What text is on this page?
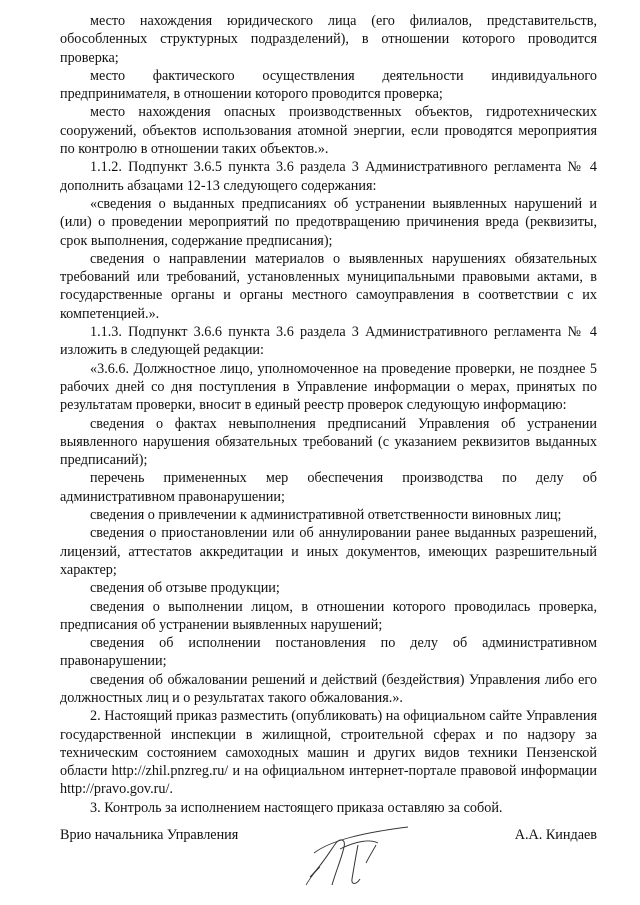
место нахождения юридического лица (его филиалов, представительств, обособленных структурных подразделений), в отношении которого проводится проверка;

место фактического осуществления деятельности индивидуального предпринимателя, в отношении которого проводится проверка;

место нахождения опасных производственных объектов, гидротехнических сооружений, объектов использования атомной энергии, если проводятся мероприятия по контролю в отношении таких объектов.».

1.1.2. Подпункт 3.6.5 пункта 3.6 раздела 3 Административного регламента № 4 дополнить абзацами 12-13 следующего содержания:

«сведения о выданных предписаниях об устранении выявленных нарушений и (или) о проведении мероприятий по предотвращению причинения вреда (реквизиты, срок выполнения, содержание предписания);

сведения о направлении материалов о выявленных нарушениях обязательных требований или требований, установленных муниципальными правовыми актами, в государственные органы и органы местного самоуправления в соответствии с их компетенцией.».

1.1.3. Подпункт 3.6.6 пункта 3.6 раздела 3 Административного регламента № 4 изложить в следующей редакции:

«3.6.6. Должностное лицо, уполномоченное на проведение проверки, не позднее 5 рабочих дней со дня поступления в Управление информации о мерах, принятых по результатам проверки, вносит в единый реестр проверок следующую информацию:

сведения о фактах невыполнения предписаний Управления об устранении выявленного нарушения обязательных требований (с указанием реквизитов выданных предписаний);

перечень примененных мер обеспечения производства по делу об административном правонарушении;

сведения о привлечении к административной ответственности виновных лиц;

сведения о приостановлении или об аннулировании ранее выданных разрешений, лицензий, аттестатов аккредитации и иных документов, имеющих разрешительный характер;

сведения об отзыве продукции;

сведения о выполнении лицом, в отношении которого проводилась проверка, предписания об устранении выявленных нарушений;

сведения об исполнении постановления по делу об административном правонарушении;

сведения об обжаловании решений и действий (бездействия) Управления либо его должностных лиц и о результатах такого обжалования.».

2. Настоящий приказ разместить (опубликовать) на официальном сайте Управления государственной инспекции в жилищной, строительной сферах и по надзору за техническим состоянием самоходных машин и других видов техники Пензенской области http://zhil.pnzreg.ru/ и на официальном интернет-портале правовой информации http://pravo.gov.ru/.

3. Контроль за исполнением настоящего приказа оставляю за собой.

Врио начальника Управления	А.А. Киндаев
